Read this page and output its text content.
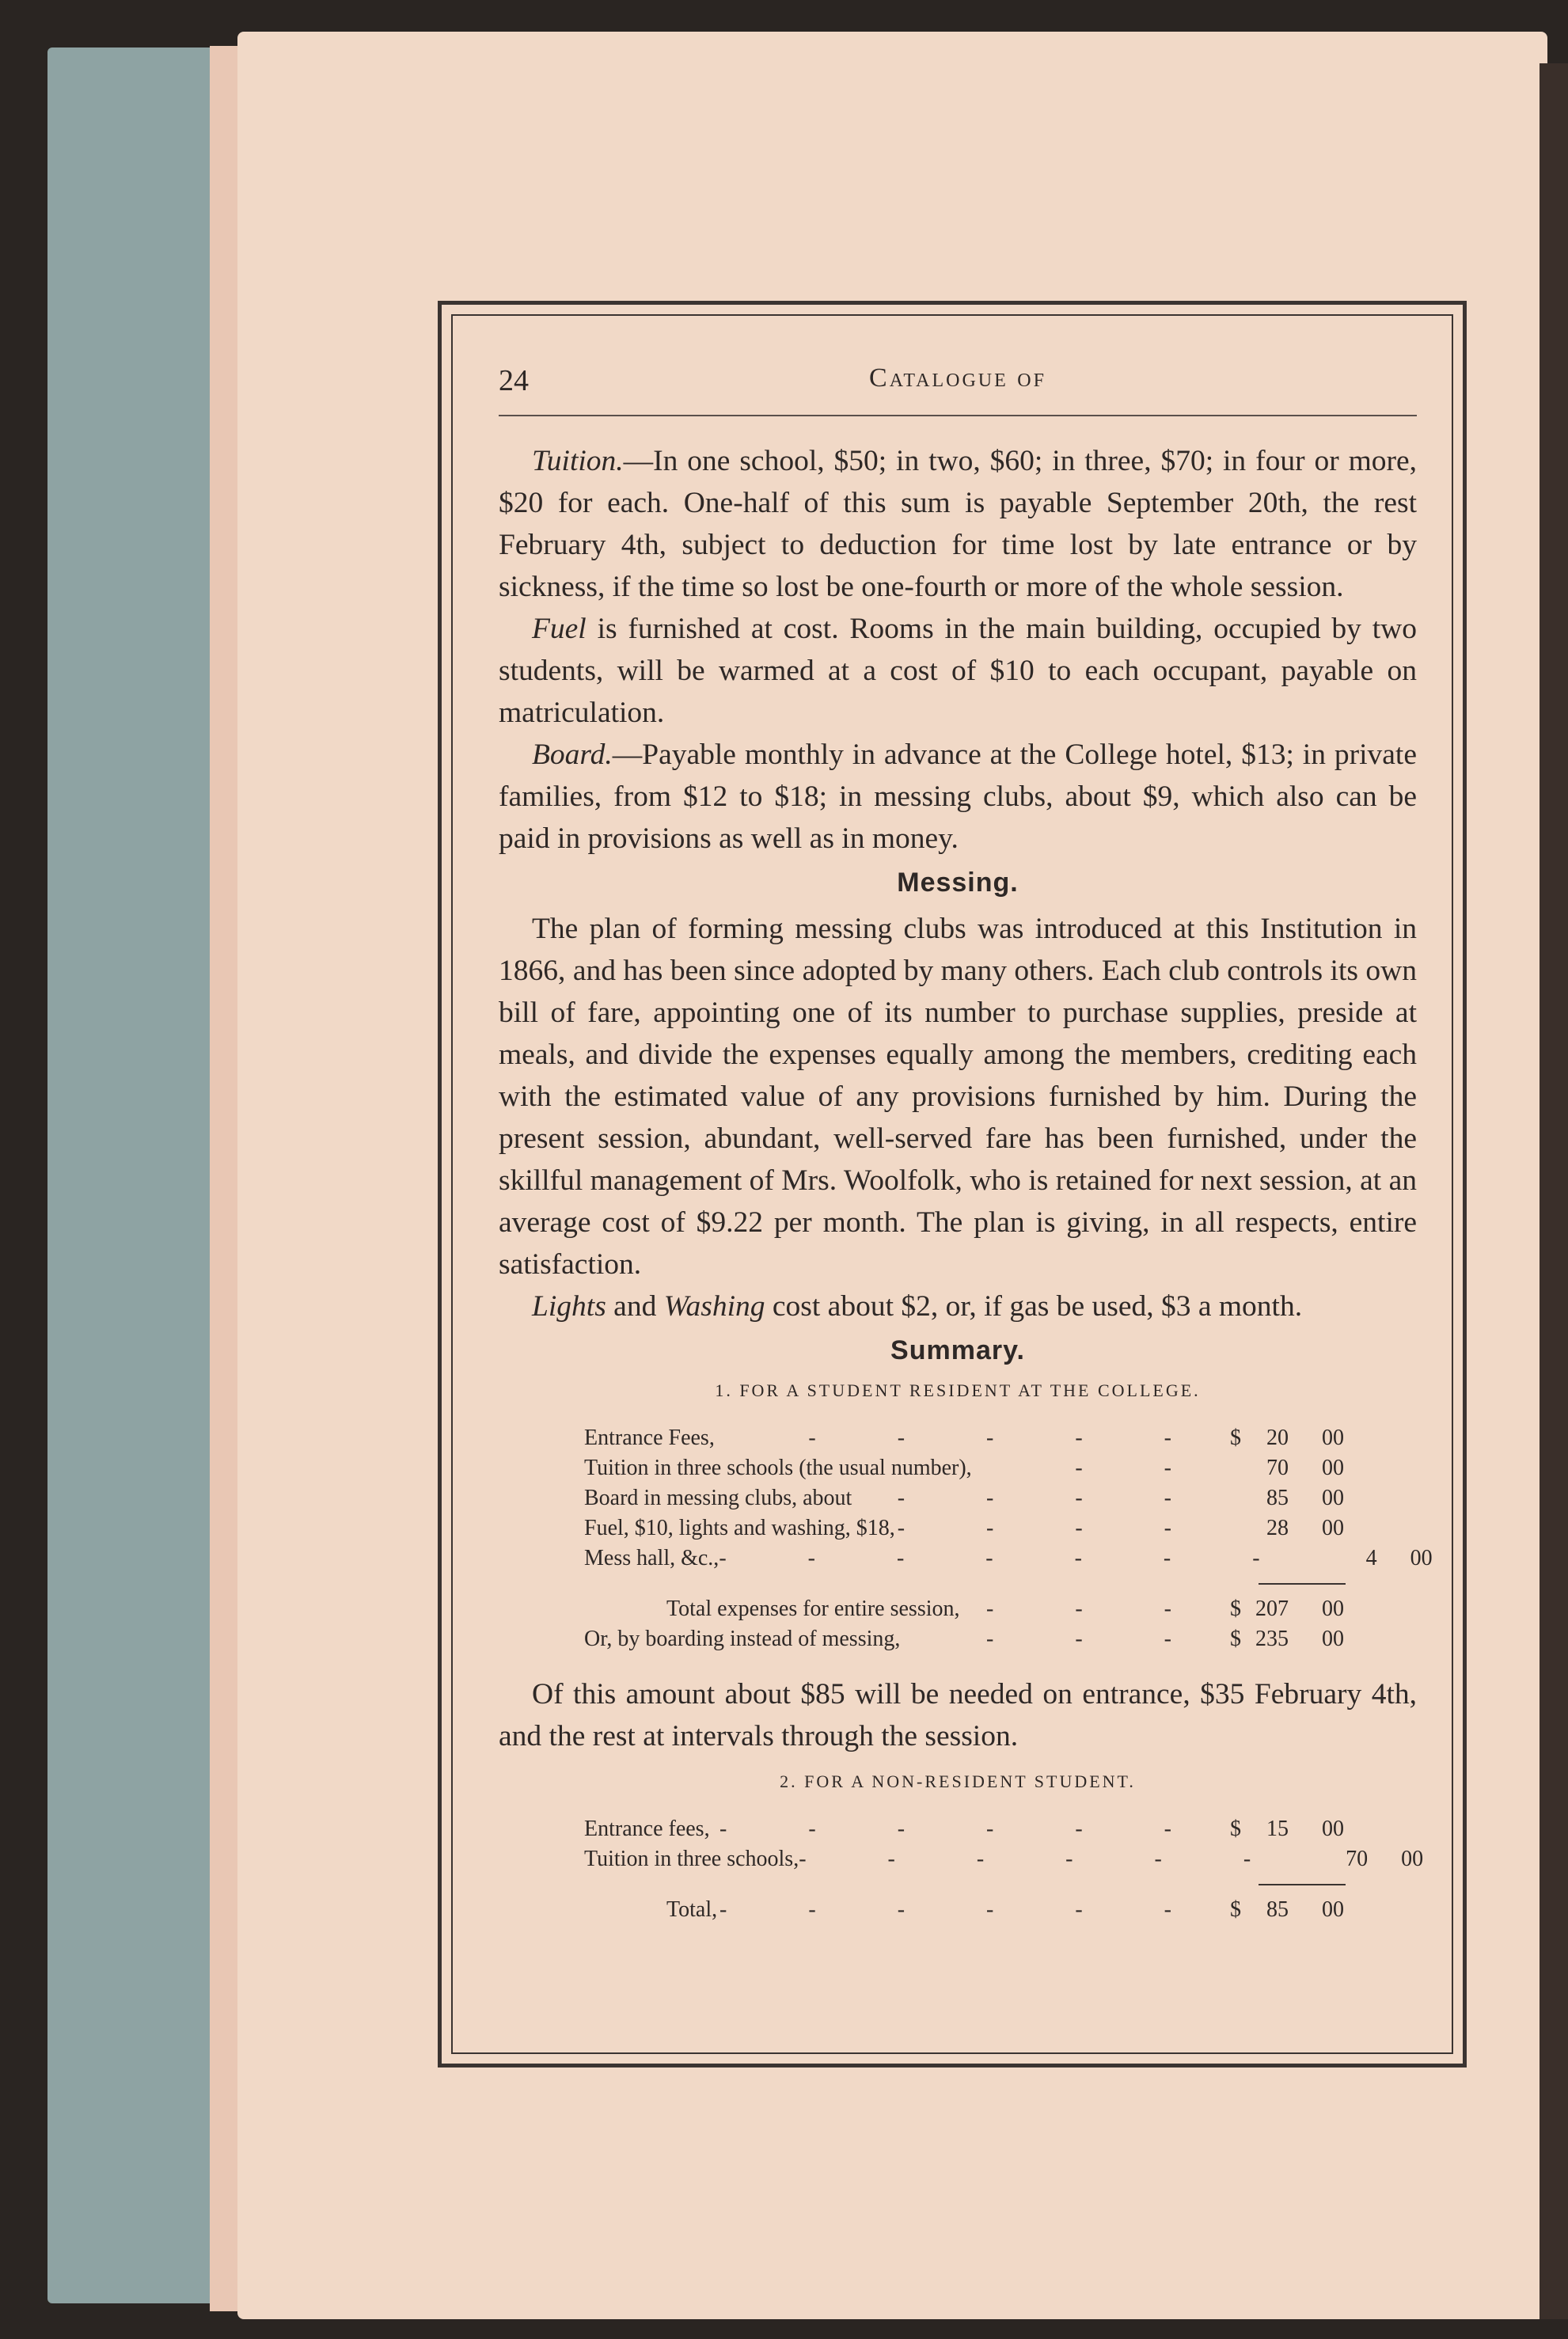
24	Catalogue of

Tuition.—In one school, $50; in two, $60; in three, $70; in four or more, $20 for each. One-half of this sum is payable September 20th, the rest February 4th, subject to deduction for time lost by late entrance or by sickness, if the time so lost be one-fourth or more of the whole session.

Fuel is furnished at cost. Rooms in the main building, occupied by two students, will be warmed at a cost of $10 to each occupant, payable on matriculation.

Board.—Payable monthly in advance at the College hotel, $13; in private families, from $12 to $18; in messing clubs, about $9, which also can be paid in provisions as well as in money.

Messing.

The plan of forming messing clubs was introduced at this Institution in 1866, and has been since adopted by many others. Each club controls its own bill of fare, appointing one of its number to purchase supplies, preside at meals, and divide the expenses equally among the members, crediting each with the estimated value of any provisions furnished by him. During the present session, abundant, well-served fare has been furnished, under the skillful management of Mrs. Woolfolk, who is retained for next session, at an average cost of $9.22 per month. The plan is giving, in all respects, entire satisfaction.

Lights and Washing cost about $2, or, if gas be used, $3 a month.

Summary.
1. FOR A STUDENT RESIDENT AT THE COLLEGE.
Entrance Fees,	- - - - - $	20	00
Tuition in three schools (the usual number),	- -	70	00
Board in messing clubs, about	- - - -	85	00
Fuel, $10, lights and washing, $18, - - - -	28	00
Mess hall, &c., - - - - - - -	4	00
Total expenses for entire session,	- - - $ 207	00
Or, by boarding instead of messing,	- - - $ 235	00

Of this amount about $85 will be needed on entrance, $35 February 4th, and the rest at intervals through the session.

2. FOR A NON-RESIDENT STUDENT.
Entrance fees, - - - - - - $	15	00
Tuition in three schools, - - - - - -	70	00
Total, - - - - - - $	85	00
